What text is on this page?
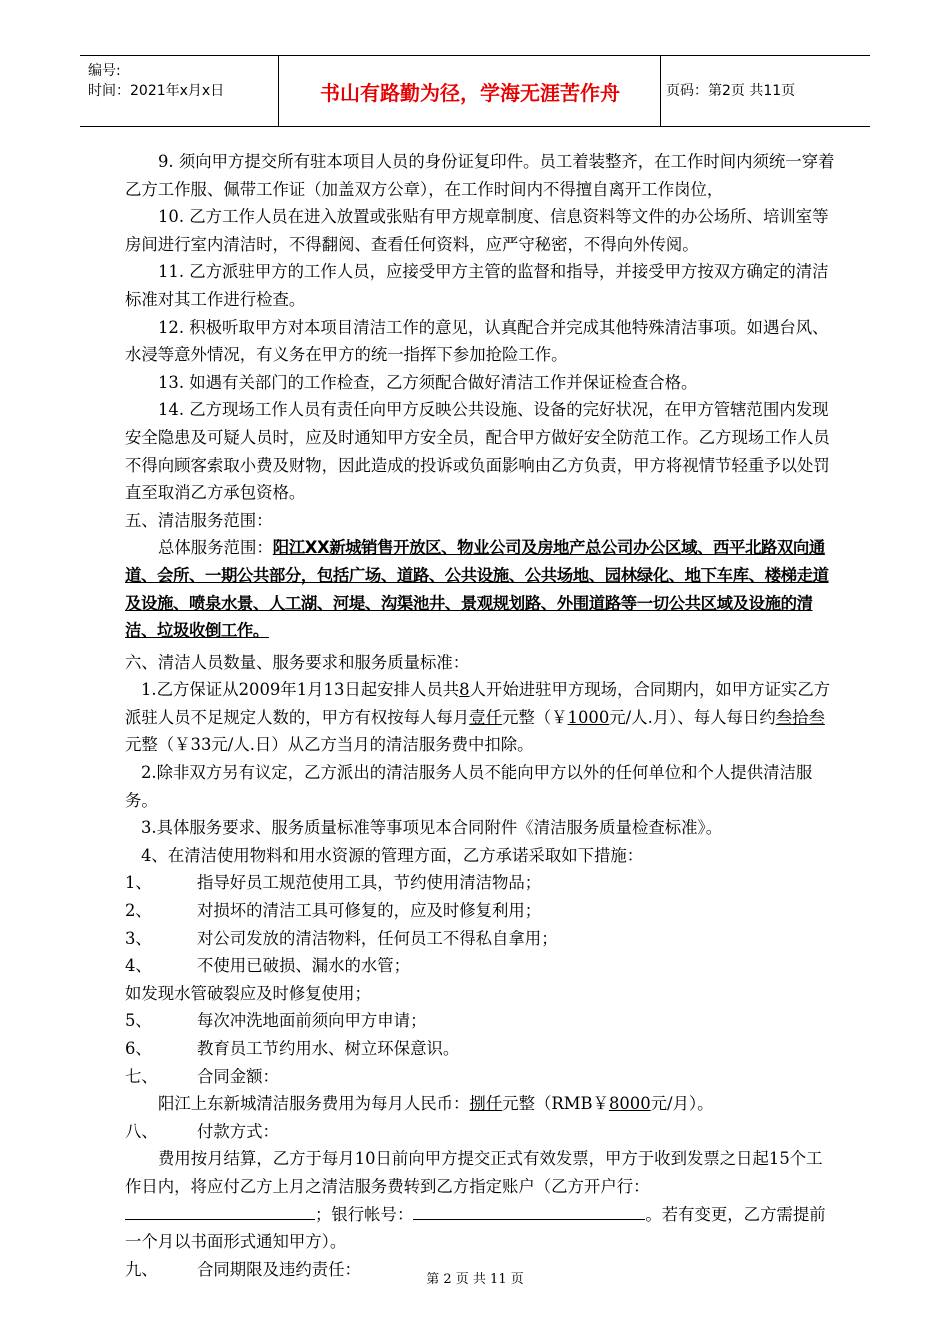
编号:
时间：2021年x月x日	书山有路勤为径，学海无涯苦作舟	页码：第2页 共11页

9. 须向甲方提交所有驻本项目人员的身份证复印件。员工着装整齐，在工作时间内须统一穿着乙方工作服、佩带工作证（加盖双方公章），在工作时间内不得擅自离开工作岗位，

10. 乙方工作人员在进入放置或张贴有甲方规章制度、信息资料等文件的办公场所、培训室等房间进行室内清洁时，不得翻阅、查看任何资料，应严守秘密，不得向外传阅。

11. 乙方派驻甲方的工作人员，应接受甲方主管的监督和指导，并接受甲方按双方确定的清洁标准对其工作进行检查。

12. 积极听取甲方对本项目清洁工作的意见，认真配合并完成其他特殊清洁事项。如遇台风、水浸等意外情况，有义务在甲方的统一指挥下参加抢险工作。

13. 如遇有关部门的工作检查，乙方须配合做好清洁工作并保证检查合格。

14. 乙方现场工作人员有责任向甲方反映公共设施、设备的完好状况，在甲方管辖范围内发现安全隐患及可疑人员时，应及时通知甲方安全员，配合甲方做好安全防范工作。乙方现场工作人员不得向顾客索取小费及财物，因此造成的投诉或负面影响由乙方负责，甲方将视情节轻重予以处罚直至取消乙方承包资格。

五、清洁服务范围：

总体服务范围：阳江XX新城销售开放区、物业公司及房地产总公司办公区域、西平北路双向通道、会所、一期公共部分，包括广场、道路、公共设施、公共场地、园林绿化、地下车库、楼梯走道及设施、喷泉水景、人工湖、河堤、沟渠池井、景观规划路、外围道路等一切公共区域及设施的清洁、垃圾收倒工作。

六、清洁人员数量、服务要求和服务质量标准：

1.乙方保证从2009年1月13日起安排人员共8人开始进驻甲方现场，合同期内，如甲方证实乙方派驻人员不足规定人数的，甲方有权按每人每月壹仟元整（￥1000元/人.月）、每人每日约叁拾叁元整（￥33元/人.日）从乙方当月的清洁服务费中扣除。

2.除非双方另有议定，乙方派出的清洁服务人员不能向甲方以外的任何单位和个人提供清洁服务。

3.具体服务要求、服务质量标准等事项见本合同附件《清洁服务质量检查标准》。

4、在清洁使用物料和用水资源的管理方面，乙方承诺采取如下措施：

1、	指导好员工规范使用工具，节约使用清洁物品；

2、	对损坏的清洁工具可修复的，应及时修复利用；

3、	对公司发放的清洁物料，任何员工不得私自拿用；

4、	不使用已破损、漏水的水管；

如发现水管破裂应及时修复使用；

5、	每次冲洗地面前须向甲方申请；

6、	教育员工节约用水、树立环保意识。

七、 合同金额：

阳江上东新城清洁服务费用为每月人民币：捌仟元整（RMB￥8000元/月）。

八、 付款方式：

费用按月结算，乙方于每月10日前向甲方提交正式有效发票，甲方于收到发票之日起15个工作日内，将应付乙方上月之清洁服务费转到乙方指定账户（乙方开户行：；银行帐号：	。若有变更，乙方需提前一个月以书面形式通知甲方）。

九、 合同期限及违约责任：

第 2 页 共 11 页
